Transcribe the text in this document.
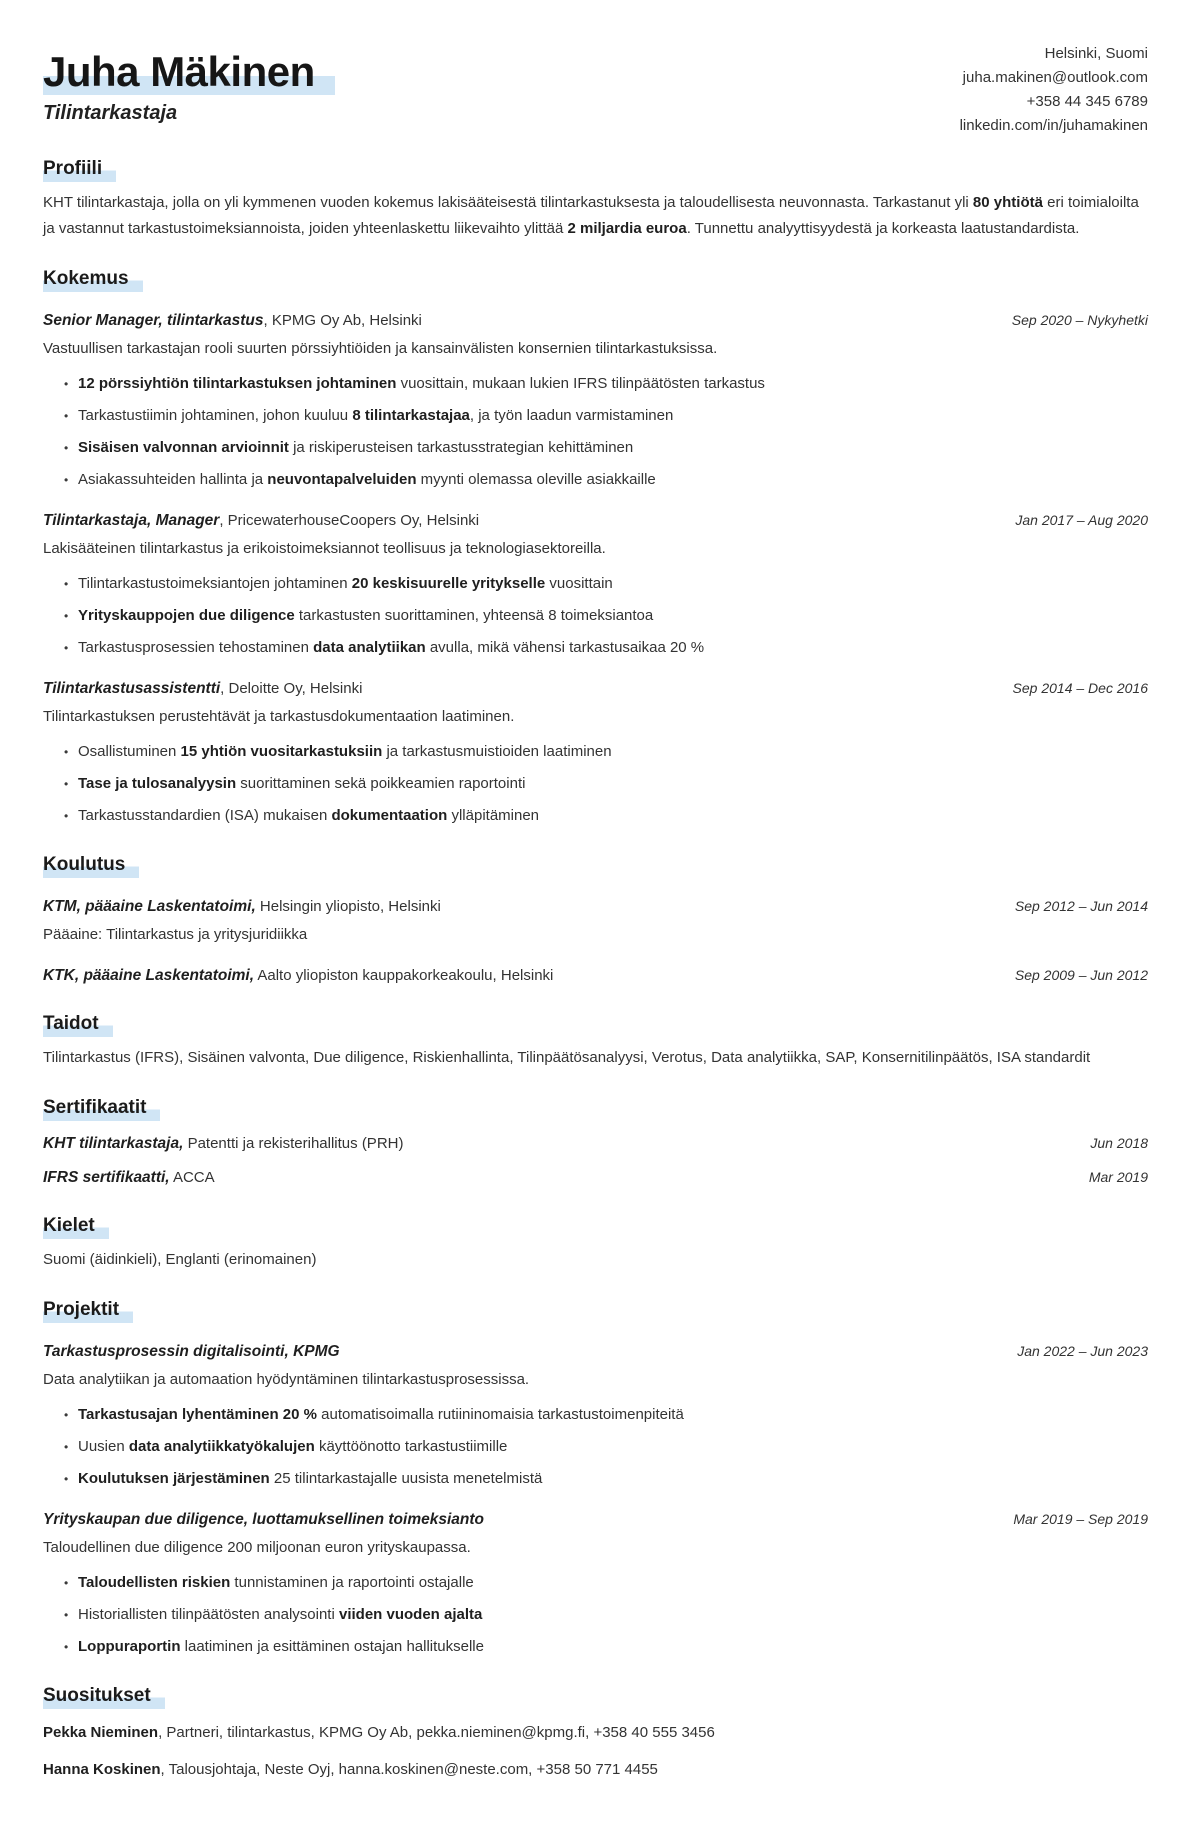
Juha Mäkinen
Tilintarkastaja
Helsinki, Suomi
juha.makinen@outlook.com
+358 44 345 6789
linkedin.com/in/juhamakinen
Profiili
KHT tilintarkastaja, jolla on yli kymmenen vuoden kokemus lakisääteisestä tilintarkastuksesta ja taloudellisesta neuvonnasta. Tarkastanut yli 80 yhtiötä eri toimialoilta ja vastannut tarkastustoimeksiannoista, joiden yhteenlaskettu liikevaihto ylittää 2 miljardia euroa. Tunnettu analyyttisyydestä ja korkeasta laatustandardista.
Kokemus
Senior Manager, tilintarkastus, KPMG Oy Ab, Helsinki	Sep 2020 – Nykyhetki
Vastuullisen tarkastajan rooli suurten pörssiyhtiöiden ja kansainvälisten konsernien tilintarkastuksissa.
• 12 pörssiyhtiön tilintarkastuksen johtaminen vuosittain, mukaan lukien IFRS tilinpäätösten tarkastus
• Tarkastustiimin johtaminen, johon kuuluu 8 tilintarkastajaa, ja työn laadun varmistaminen
• Sisäisen valvonnan arvioinnit ja riskiperusteisen tarkastusstrategian kehittäminen
• Asiakassuhteiden hallinta ja neuvontapalveluiden myynti olemassa oleville asiakkaille
Tilintarkastaja, Manager, PricewaterhouseCoopers Oy, Helsinki	Jan 2017 – Aug 2020
Lakisääteinen tilintarkastus ja erikoistoimeksiannot teollisuus ja teknologiasektoreilla.
• Tilintarkastustoimeksiantojen johtaminen 20 keskisuurelle yritykselle vuosittain
• Yrityskauppojen due diligence tarkastusten suorittaminen, yhteensä 8 toimeksiantoa
• Tarkastusprosessien tehostaminen data analytiikan avulla, mikä vähensi tarkastusaikaa 20 %
Tilintarkastusassistentti, Deloitte Oy, Helsinki	Sep 2014 – Dec 2016
Tilintarkastuksen perustehtävät ja tarkastusdokumentaation laatiminen.
• Osallistuminen 15 yhtiön vuositarkastuksiin ja tarkastusmuistioiden laatiminen
• Tase ja tulosanalyysin suorittaminen sekä poikkeamien raportointi
• Tarkastusstandardien (ISA) mukaisen dokumentaation ylläpitäminen
Koulutus
KTM, pääaine Laskentatoimi, Helsingin yliopisto, Helsinki	Sep 2012 – Jun 2014
Pääaine: Tilintarkastus ja yritysjuridiikka
KTK, pääaine Laskentatoimi, Aalto yliopiston kauppakorkeakoulu, Helsinki	Sep 2009 – Jun 2012
Taidot
Tilintarkastus (IFRS), Sisäinen valvonta, Due diligence, Riskienhallinta, Tilinpäätösanalyysi, Verotus, Data analytiikka, SAP, Konsernitilinpäätös, ISA standardit
Sertifikaatit
KHT tilintarkastaja, Patentti ja rekisterihallitus (PRH)	Jun 2018
IFRS sertifikaatti, ACCA	Mar 2019
Kielet
Suomi (äidinkieli), Englanti (erinomainen)
Projektit
Tarkastusprosessin digitalisointi, KPMG	Jan 2022 – Jun 2023
Data analytiikan ja automaation hyödyntäminen tilintarkastusprosessissa.
• Tarkastusajan lyhentäminen 20 % automatisoimalla rutiininomaisia tarkastustoimenpiteitä
• Uusien data analytiikkatyökalujen käyttöönotto tarkastustiimille
• Koulutuksen järjestäminen 25 tilintarkastajalle uusista menetelmistä
Yrityskaupan due diligence, luottamuksellinen toimeksianto	Mar 2019 – Sep 2019
Taloudellinen due diligence 200 miljoonan euron yrityskaupassa.
• Taloudellisten riskien tunnistaminen ja raportointi ostajalle
• Historiallisten tilinpäätösten analysointi viiden vuoden ajalta
• Loppuraportin laatiminen ja esittäminen ostajan hallitukselle
Suositukset
Pekka Nieminen, Partneri, tilintarkastus, KPMG Oy Ab, pekka.nieminen@kpmg.fi, +358 40 555 3456
Hanna Koskinen, Talousjohtaja, Neste Oyj, hanna.koskinen@neste.com, +358 50 771 4455
